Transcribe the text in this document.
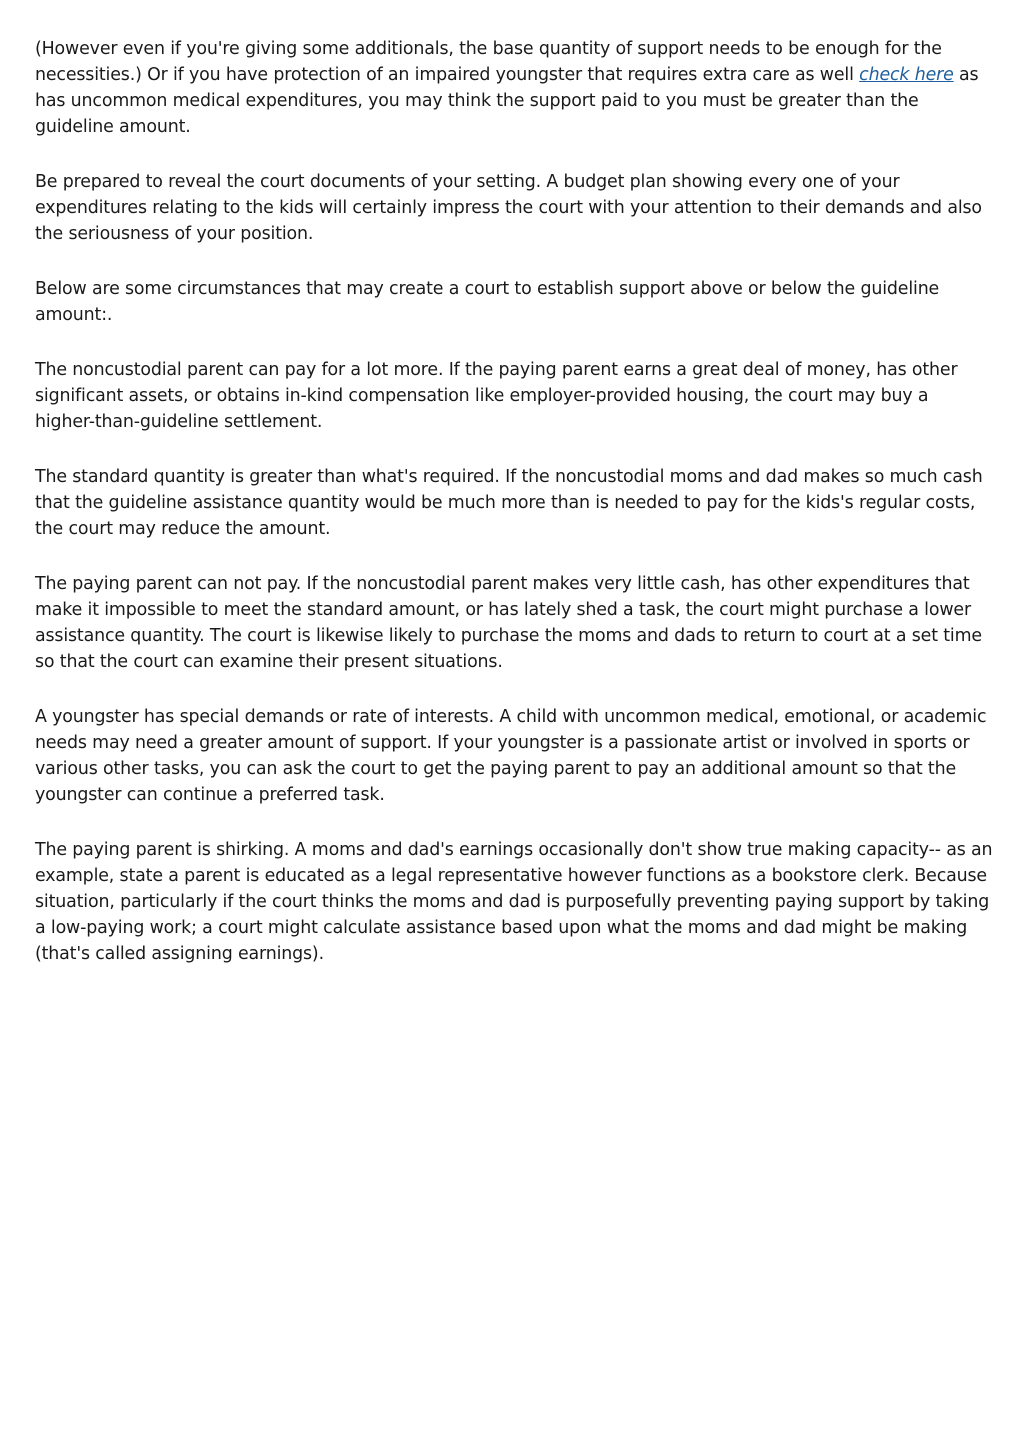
(However even if you're giving some additionals, the base quantity of support needs to be enough for the necessities.) Or if you have protection of an impaired youngster that requires extra care as well check here as has uncommon medical expenditures, you may think the support paid to you must be greater than the guideline amount.

Be prepared to reveal the court documents of your setting. A budget plan showing every one of your expenditures relating to the kids will certainly impress the court with your attention to their demands and also the seriousness of your position.

Below are some circumstances that may create a court to establish support above or below the guideline amount:.

The noncustodial parent can pay for a lot more. If the paying parent earns a great deal of money, has other significant assets, or obtains in-kind compensation like employer-provided housing, the court may buy a higher-than-guideline settlement.

The standard quantity is greater than what's required. If the noncustodial moms and dad makes so much cash that the guideline assistance quantity would be much more than is needed to pay for the kids's regular costs, the court may reduce the amount.

The paying parent can not pay. If the noncustodial parent makes very little cash, has other expenditures that make it impossible to meet the standard amount, or has lately shed a task, the court might purchase a lower assistance quantity. The court is likewise likely to purchase the moms and dads to return to court at a set time so that the court can examine their present situations.

A youngster has special demands or rate of interests. A child with uncommon medical, emotional, or academic needs may need a greater amount of support. If your youngster is a passionate artist or involved in sports or various other tasks, you can ask the court to get the paying parent to pay an additional amount so that the youngster can continue a preferred task.

The paying parent is shirking. A moms and dad's earnings occasionally don't show true making capacity-- as an example, state a parent is educated as a legal representative however functions as a bookstore clerk. Because situation, particularly if the court thinks the moms and dad is purposefully preventing paying support by taking a low-paying work; a court might calculate assistance based upon what the moms and dad might be making (that's called assigning earnings).
